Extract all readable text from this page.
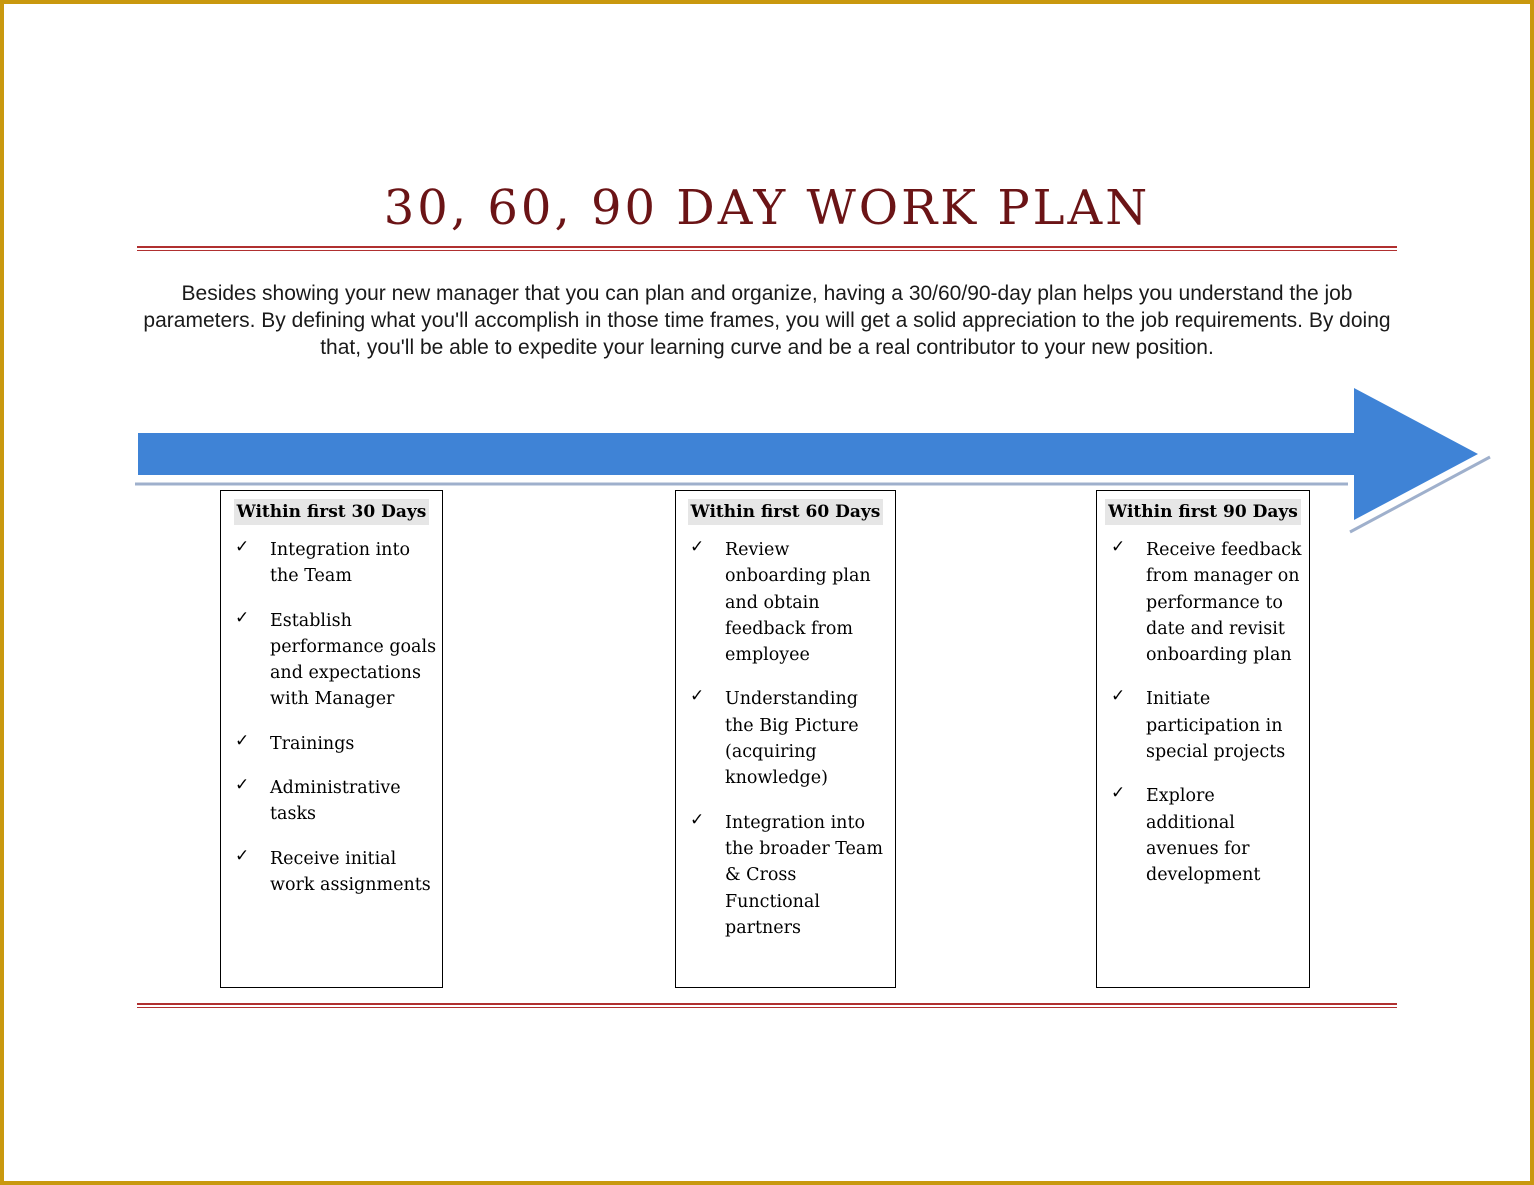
30, 60, 90 DAY WORK PLAN

Besides showing your new manager that you can plan and organize, having a 30/60/90-day plan helps you understand the job parameters. By defining what you'll accomplish in those time frames, you will get a solid appreciation to the job requirements. By doing that, you'll be able to expedite your learning curve and be a real contributor to your new position.

Within first 30 Days
✓ Integration into the Team
✓ Establish performance goals and expectations with Manager
✓ Trainings
✓ Administrative tasks
✓ Receive initial work assignments
Within first 60 Days
✓ Review onboarding plan and obtain feedback from employee
✓ Understanding the Big Picture (acquiring knowledge)
✓ Integration into the broader Team & Cross Functional partners
Within first 90 Days
✓ Receive feedback from manager on performance to date and revisit onboarding plan
✓ Initiate participation in special projects
✓ Explore additional avenues for development
